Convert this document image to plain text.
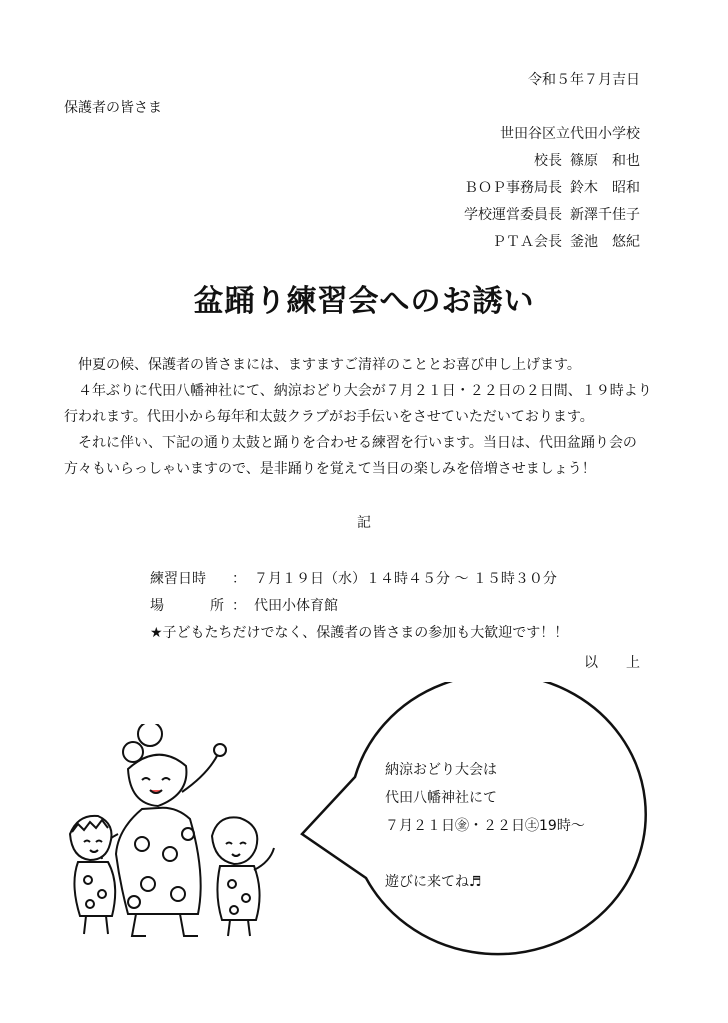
令和５年７月吉日
保護者の皆さま
世田谷区立代田小学校
校長 篠原 和也
ＢＯＰ事務局長 鈴木 昭和
学校運営委員長 新澤 千佳子
ＰＴＡ会長 釜池 悠紀
盆踊り練習会へのお誘い

　仲夏の候、保護者の皆さまには、ますますご清祥のこととお喜び申し上げます。

　４年ぶりに代田八幡神社にて、納涼おどり大会が７月２１日・２２日の２日間、１９時より行われます。代田小から毎年和太鼓クラブがお手伝いをさせていただいております。

　それに伴い、下記の通り太鼓と踊りを合わせる練習を行います。当日は、代田盆踊り会の方々もいらっしゃいますので、是非踊りを覚えて当日の楽しみを倍増させましょう！

記
練習日時	： ７月１９日（水）１４時４５分 ～ １５時３０分
場	所 ： 代田小体育館
★子どもたちだけでなく、保護者の皆さまの参加も大歓迎です！！
以 上
納涼おどり大会は
代田八幡神社にて
７月２１日㊎・２２日㊏19時～
遊びに来てね♬
